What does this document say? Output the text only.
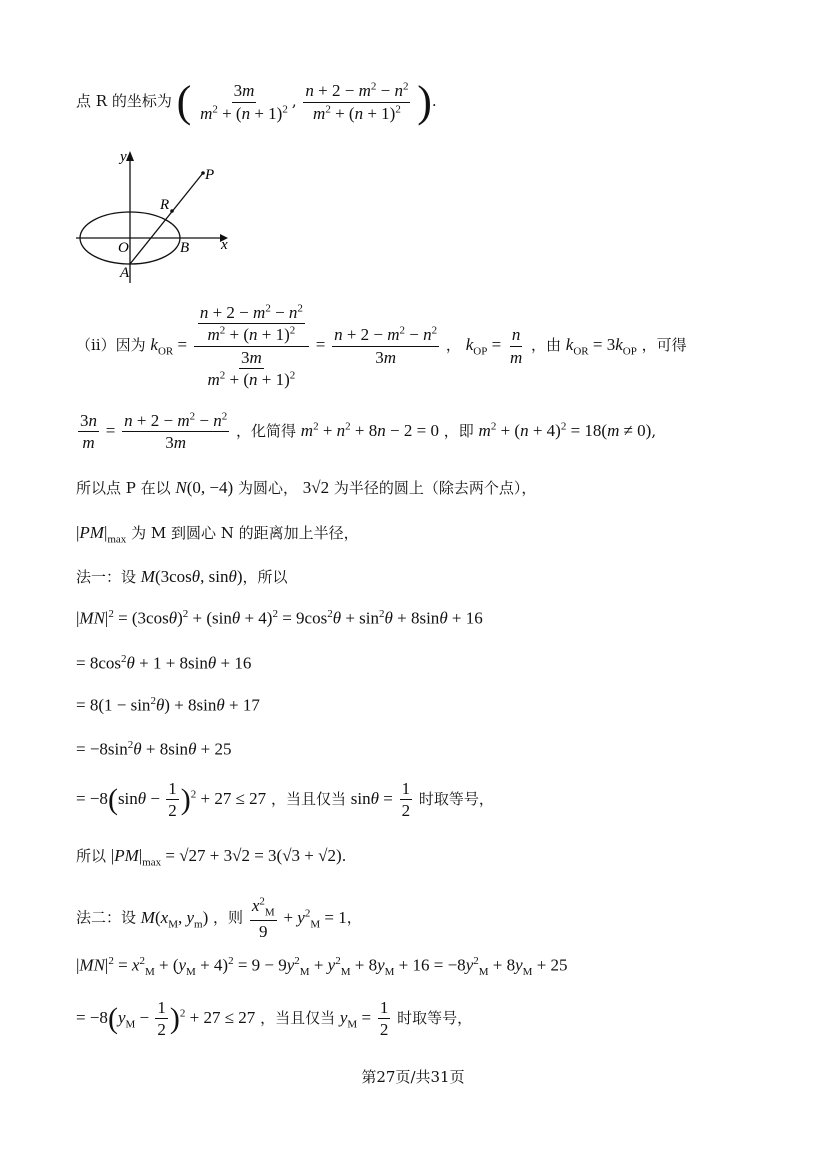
点 R 的坐标为 ( $\frac{3m}{m^2 + (n + 1)^2}$ , $\frac{n + 2 - m^2 - n^2}{m^2 + (n + 1)^2}$ ).
y
P
R
O	B x
A
（ⅱ）因为 $k_{OR} = \frac{\frac{n + 2 - m^2 - n^2}{m^2 + (n + 1)^2}}{\frac{3m}{m^2 + (n + 1)^2}} = \frac{n + 2 - m^2 - n^2}{3m}$ ， $k_{OP} = \frac{n}{m}$ ，由 $k_{OR} = 3k_{OP}$ ，可得
$\frac{3n}{m} = \frac{n + 2 - m^2 - n^2}{3m}$ ，化简得 $m^2 + n^2 + 8n - 2 = 0$ ，即 $m^2 + (n + 4)^2 = 18(m \ne 0)$,
所以点 P 在以 N(0, −4) 为圆心， 3√2 为半径的圆上（除去两个点），
$|PM|_{max}$ 为 M 到圆心 N 的距离加上半径，
法一：设 M(3cosθ, sinθ)，所以
$|MN|^2 = (3\cos\theta)^2 + (\sin\theta + 4)^2 = 9\cos^2\theta + \sin^2\theta + 8\sin\theta + 16$
= $8\cos^2\theta + 1 + 8\sin\theta + 16$
= $8(1 - \sin^2\theta) + 8\sin\theta + 17$
= $-8\sin^2\theta + 8\sin\theta + 25$
= $-8(\sin\theta - \frac{1}{2} )^2 + 27 \le 27$ ，当且仅当 $\sin\theta = \frac{1}{2}$ 时取等号，
所以 $|PM|_{max} = √27 + 3√2 = 3(√3 + √2)$.
法二：设 $M(x_M$, $y_m$) ，则 $\frac{x^2_M}{9} + y^2_M = 1$，
$|MN|^2 = x^2_M + (y_M + 4)^2 = 9 - 9y^2_M + y^2_M + 8y_M + 16 = -8y^2_M + 8y_M + 25$
= $-8(y_M - \frac{1}{2} )^2 + 27 \le 27$ ，当且仅当 $y_M = \frac{1}{2}$ 时取等号，
第27页/共31页
